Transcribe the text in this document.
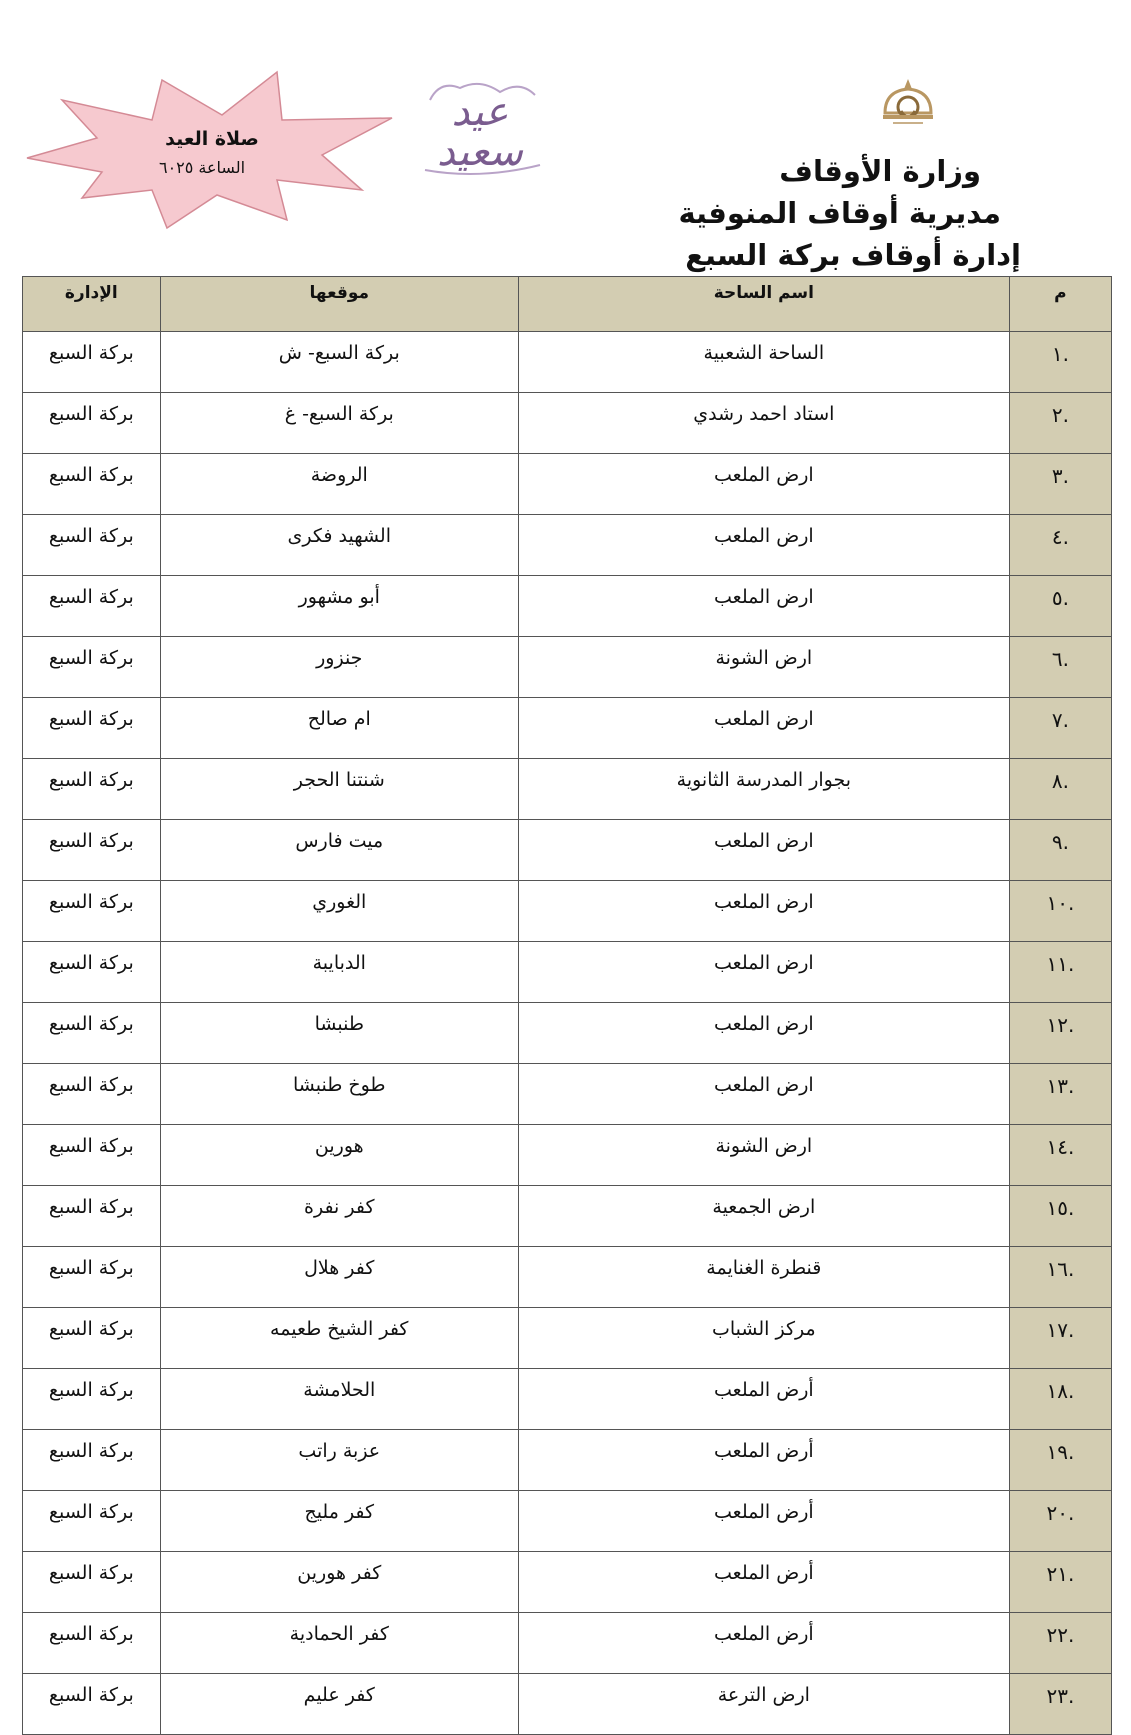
وزارة الأوقاف
مديرية أوقاف المنوفية
إدارة أوقاف بركة السبع
عيد
سعيد
صلاة العيد
الساعة ٦٠٢٥
الإدارة	موقعها	اسم الساحة	م
بركة السبع	بركة السبع- ش	الساحة الشعبية	.١
بركة السبع	بركة السبع- غ	استاد احمد رشدي	.٢
بركة السبع	الروضة	ارض الملعب	.٣
بركة السبع	الشهيد فكرى	ارض الملعب	.٤
بركة السبع	أبو مشهور	ارض الملعب	.٥
بركة السبع	جنزور	ارض الشونة	.٦
بركة السبع	ام صالح	ارض الملعب	.٧
بركة السبع	شنتنا الحجر	بجوار المدرسة الثانوية	.٨
بركة السبع	ميت فارس	ارض الملعب	.٩
بركة السبع	الغوري	ارض الملعب	.١٠
بركة السبع	الدبايبة	ارض الملعب	.١١
بركة السبع	طنبشا	ارض الملعب	.١٢
بركة السبع	طوخ طنبشا	ارض الملعب	.١٣
بركة السبع	هورين	ارض الشونة	.١٤
بركة السبع	كفر نفرة	ارض الجمعية	.١٥
بركة السبع	كفر هلال	قنطرة الغنايمة	.١٦
بركة السبع	كفر الشيخ طعيمه	مركز الشباب	.١٧
بركة السبع	الحلامشة	أرض الملعب	.١٨
بركة السبع	عزبة راتب	أرض الملعب	.١٩
بركة السبع	كفر مليج	أرض الملعب	.٢٠
بركة السبع	كفر هورين	أرض الملعب	.٢١
بركة السبع	كفر الحمادية	أرض الملعب	.٢٢
بركة السبع	كفر عليم	ارض الترعة	.٢٣
